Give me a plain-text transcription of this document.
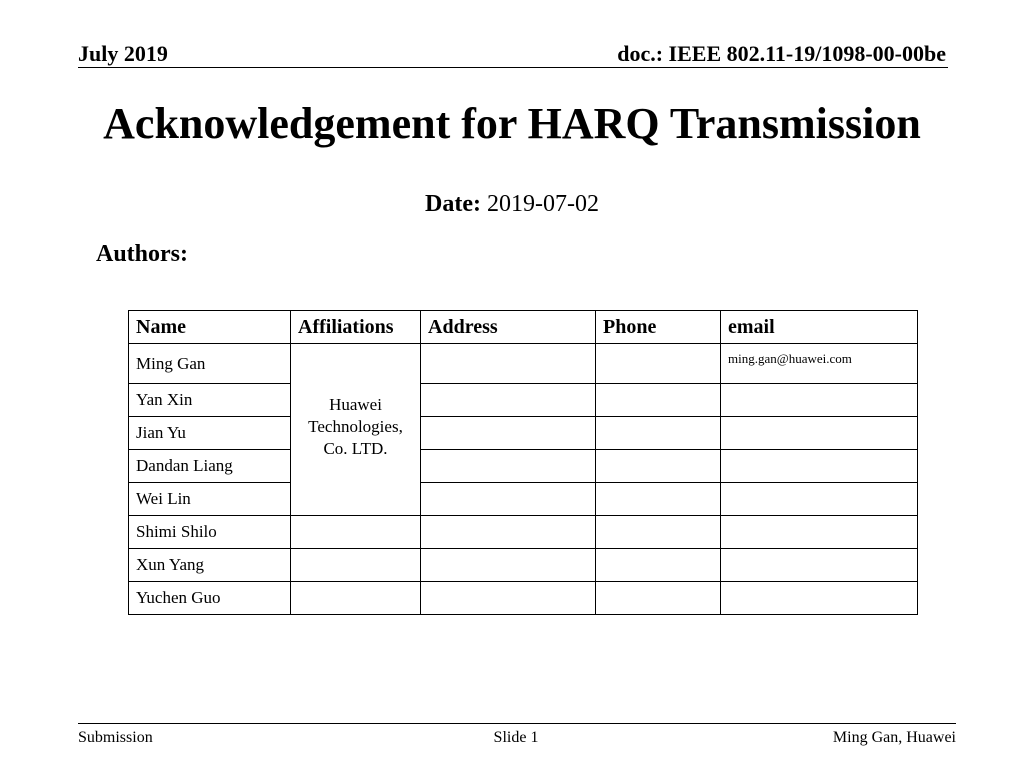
July 2019	doc.: IEEE 802.11-19/1098-00-00be
Acknowledgement for HARQ Transmission
Date: 2019-07-02
Authors:
Name	Affiliations	Address	Phone	email
Ming Gan	Huawei Technologies, Co. LTD.			ming.gan@huawei.com
Yan Xin				
Jian Yu				
Dandan Liang				
Wei Lin				
Shimi Shilo				
Xun Yang				
Yuchen Guo				
Submission	Slide 1	Ming Gan, Huawei
